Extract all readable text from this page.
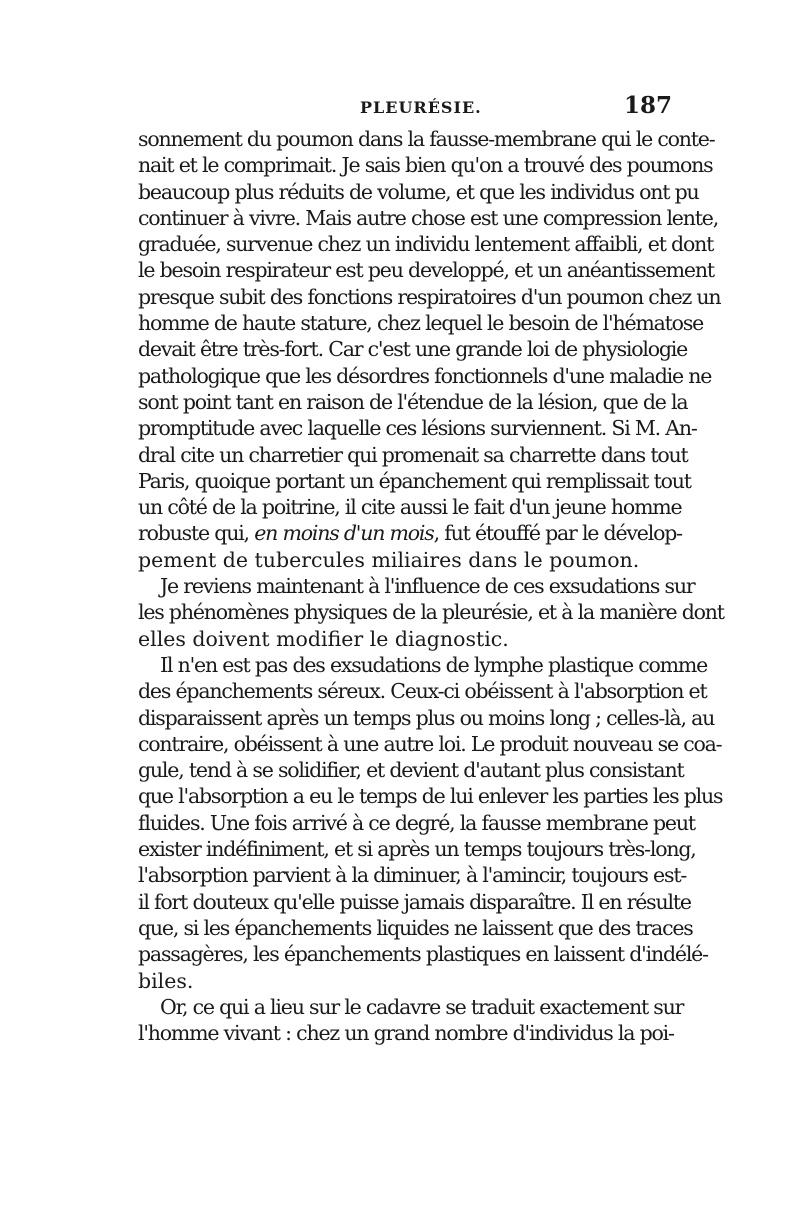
PLEURÉSIE.	187
sonnement du poumon dans la fausse-membrane qui le conte-
nait et le comprimait. Je sais bien qu'on a trouvé des poumons
beaucoup plus réduits de volume, et que les individus ont pu
continuer à vivre. Mais autre chose est une compression lente,
graduée, survenue chez un individu lentement affaibli, et dont
le besoin respirateur est peu developpé, et un anéantissement
presque subit des fonctions respiratoires d'un poumon chez un
homme de haute stature, chez lequel le besoin de l'hématose
devait être très-fort. Car c'est une grande loi de physiologie
pathologique que les désordres fonctionnels d'une maladie ne
sont point tant en raison de l'étendue de la lésion, que de la
promptitude avec laquelle ces lésions surviennent. Si M. An-
dral cite un charretier qui promenait sa charrette dans tout
Paris, quoique portant un épanchement qui remplissait tout
un côté de la poitrine, il cite aussi le fait d'un jeune homme
robuste qui, en moins d'un mois, fut étouffé par le dévelop-
pement de tubercules miliaires dans le poumon.
Je reviens maintenant à l'influence de ces exsudations sur
les phénomènes physiques de la pleurésie, et à la manière dont
elles doivent modifier le diagnostic.
Il n'en est pas des exsudations de lymphe plastique comme
des épanchements séreux. Ceux-ci obéissent à l'absorption et
disparaissent après un temps plus ou moins long ; celles-là, au
contraire, obéissent à une autre loi. Le produit nouveau se coa-
gule, tend à se solidifier, et devient d'autant plus consistant
que l'absorption a eu le temps de lui enlever les parties les plus
fluides. Une fois arrivé à ce degré, la fausse membrane peut
exister indéfiniment, et si après un temps toujours très-long,
l'absorption parvient à la diminuer, à l'amincir, toujours est-
il fort douteux qu'elle puisse jamais disparaître. Il en résulte
que, si les épanchements liquides ne laissent que des traces
passagères, les épanchements plastiques en laissent d'indélé-
biles.
Or, ce qui a lieu sur le cadavre se traduit exactement sur
l'homme vivant : chez un grand nombre d'individus la poi-
